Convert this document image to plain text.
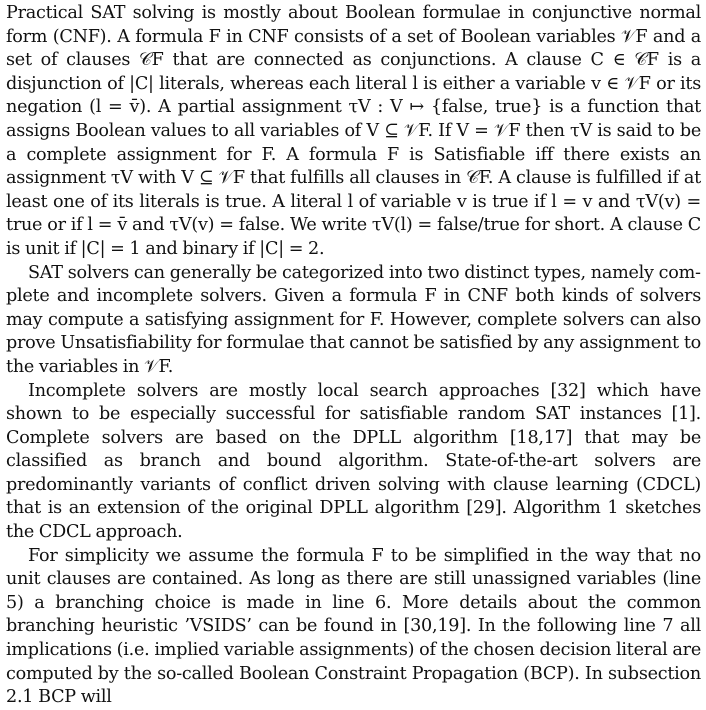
Practical SAT solving is mostly about Boolean formulae in conjunctive normal form (CNF). A formula F in CNF consists of a set of Boolean variables 𝒱F and a set of clauses 𝒞F that are connected as conjunctions. A clause C ∈ 𝒞F is a disjunction of |C| literals, whereas each literal l is either a variable v ∈ 𝒱F or its negation (l = v̄). A partial assignment τV : V ↦ {false, true} is a function that assigns Boolean values to all variables of V ⊆ 𝒱F. If V = 𝒱F then τV is said to be a complete assignment for F. A formula F is Satisfiable iff there exists an assignment τV with V ⊆ 𝒱F that fulfills all clauses in 𝒞F. A clause is fulfilled if at least one of its literals is true. A literal l of variable v is true if l = v and τV(v) = true or if l = v̄ and τV(v) = false. We write τV(l) = false/true for short. A clause C is unit if |C| = 1 and binary if |C| = 2.

SAT solvers can generally be categorized into two distinct types, namely complete and incomplete solvers. Given a formula F in CNF both kinds of solvers may compute a satisfying assignment for F. However, complete solvers can also prove Unsatisfiability for formulae that cannot be satisfied by any assignment to the variables in 𝒱F.

Incomplete solvers are mostly local search approaches [32] which have shown to be especially successful for satisfiable random SAT instances [1]. Complete solvers are based on the DPLL algorithm [18,17] that may be classified as branch and bound algorithm. State-of-the-art solvers are predominantly variants of conflict driven solving with clause learning (CDCL) that is an extension of the original DPLL algorithm [29]. Algorithm 1 sketches the CDCL approach.

For simplicity we assume the formula F to be simplified in the way that no unit clauses are contained. As long as there are still unassigned variables (line 5) a branching choice is made in line 6. More details about the common branching heuristic ’VSIDS’ can be found in [30,19]. In the following line 7 all implications (i.e. implied variable assignments) of the chosen decision literal are computed by the so-called Boolean Constraint Propagation (BCP). In subsection 2.1 BCP will
